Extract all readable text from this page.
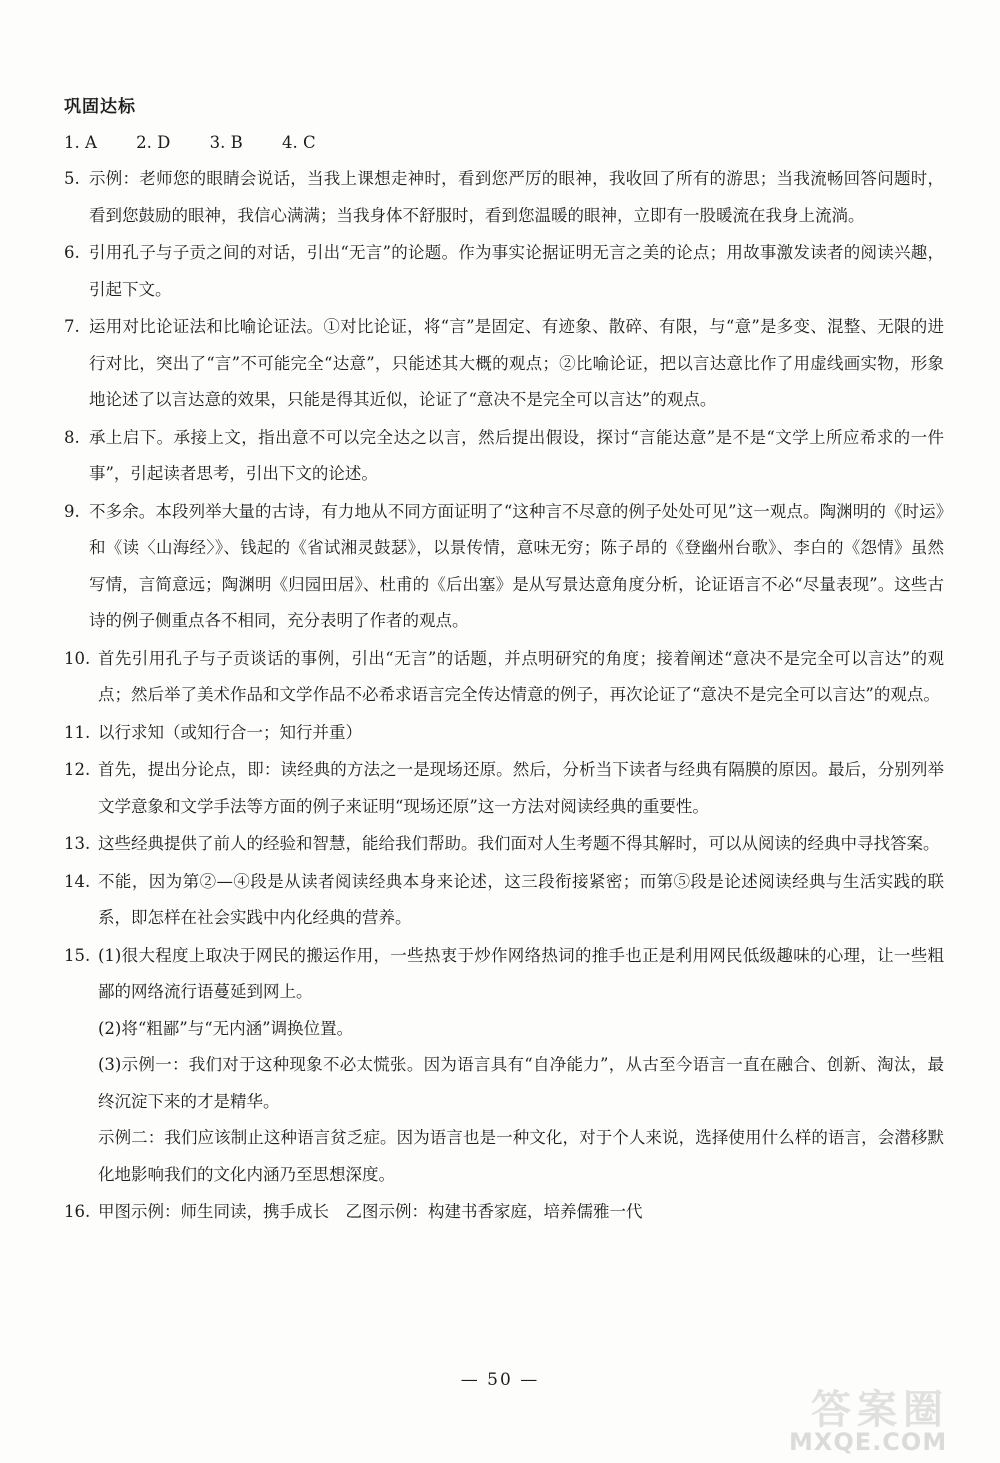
巩固达标
1. A 2. D 3. B 4. C
5. 示例：老师您的眼睛会说话，当我上课想走神时，看到您严厉的眼神，我收回了所有的游思；当我流畅回答问题时，看到您鼓励的眼神，我信心满满；当我身体不舒服时，看到您温暖的眼神，立即有一股暖流在我身上流淌。
6. 引用孔子与子贡之间的对话，引出“无言”的论题。作为事实论据证明无言之美的论点；用故事激发读者的阅读兴趣，引起下文。
7. 运用对比论证法和比喻论证法。①对比论证，将“言”是固定、有迹象、散碎、有限，与“意”是多变、混整、无限的进行对比，突出了“言”不可能完全“达意”，只能述其大概的观点；②比喻论证，把以言达意比作了用虚线画实物，形象地论述了以言达意的效果，只能是得其近似，论证了“意决不是完全可以言达”的观点。
8. 承上启下。承接上文，指出意不可以完全达之以言，然后提出假设，探讨“言能达意”是不是“文学上所应希求的一件事”，引起读者思考，引出下文的论述。
9. 不多余。本段列举大量的古诗，有力地从不同方面证明了“这种言不尽意的例子处处可见”这一观点。陶渊明的《时运》和《读〈山海经〉》、钱起的《省试湘灵鼓瑟》，以景传情，意味无穷；陈子昂的《登幽州台歌》、李白的《怨情》虽然写情，言简意远；陶渊明《归园田居》、杜甫的《后出塞》是从写景达意角度分析，论证语言不必“尽量表现”。这些古诗的例子侧重点各不相同，充分表明了作者的观点。
10. 首先引用孔子与子贡谈话的事例，引出“无言”的话题，并点明研究的角度；接着阐述“意决不是完全可以言达”的观点；然后举了美术作品和文学作品不必希求语言完全传达情意的例子，再次论证了“意决不是完全可以言达”的观点。
11. 以行求知（或知行合一；知行并重）
12. 首先，提出分论点，即：读经典的方法之一是现场还原。然后，分析当下读者与经典有隔膜的原因。最后，分别列举文学意象和文学手法等方面的例子来证明“现场还原”这一方法对阅读经典的重要性。
13. 这些经典提供了前人的经验和智慧，能给我们帮助。我们面对人生考题不得其解时，可以从阅读的经典中寻找答案。
14. 不能，因为第②—④段是从读者阅读经典本身来论述，这三段衔接紧密；而第⑤段是论述阅读经典与生活实践的联系，即怎样在社会实践中内化经典的营养。
15. (1)很大程度上取决于网民的搬运作用，一些热衷于炒作网络热词的推手也正是利用网民低级趣味的心理，让一些粗鄙的网络流行语蔓延到网上。
(2)将“粗鄙”与“无内涵”调换位置。
(3)示例一：我们对于这种现象不必太慌张。因为语言具有“自净能力”，从古至今语言一直在融合、创新、淘汰，最终沉淀下来的才是精华。
示例二：我们应该制止这种语言贫乏症。因为语言也是一种文化，对于个人来说，选择使用什么样的语言，会潜移默化地影响我们的文化内涵乃至思想深度。
16. 甲图示例：师生同读，携手成长　乙图示例：构建书香家庭，培养儒雅一代
— 50 —
答案圈
MXQE.COM
